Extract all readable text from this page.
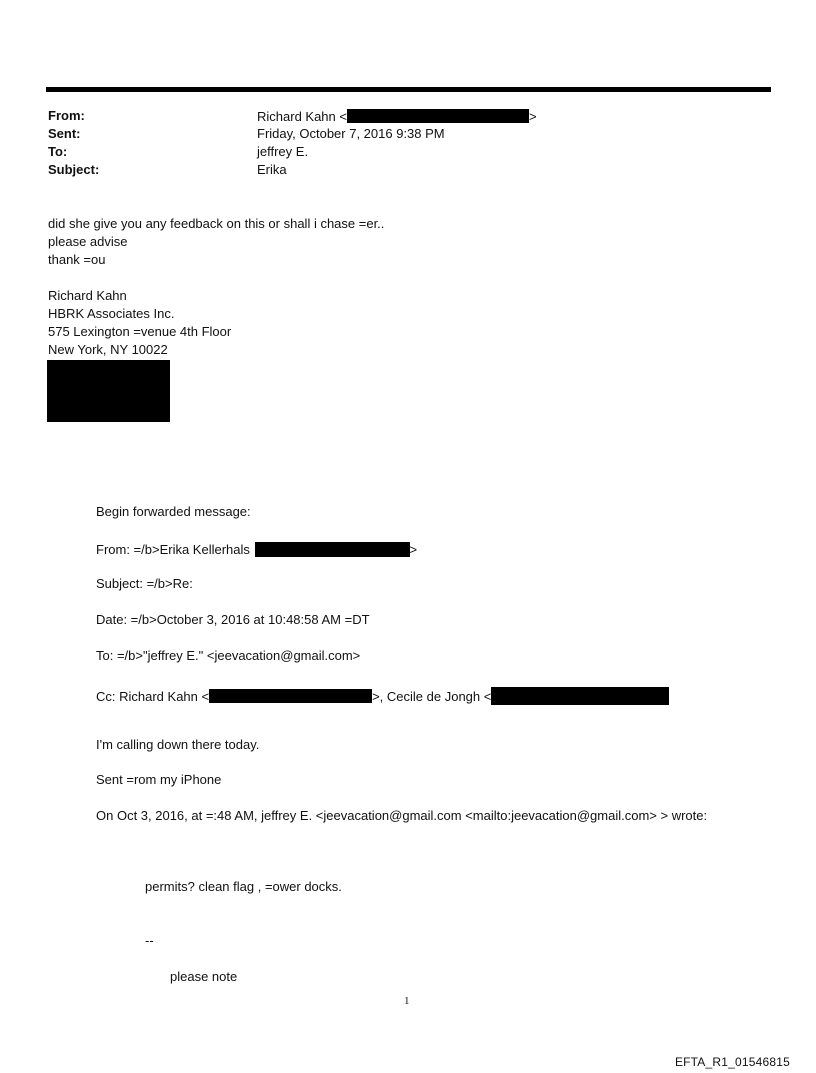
From:	Richard Kahn <	>
Sent:	Friday, October 7, 2016 9:38 PM
To:	jeffrey E.
Subject:	Erika
did she give you any feedback on this or shall i chase =er..
please advise
thank =ou
Richard Kahn
HBRK Associates Inc.
575 Lexington =venue 4th Floor
New York, NY 10022
Begin forwarded message:
From: =/b>Erika Kellerhals	>
Subject: =/b>Re:
Date: =/b>October 3, 2016 at 10:48:58 AM =DT
To: =/b>"jeffrey E." <jeevacation@gmail.com>
Cc: Richard Kahn <	>, Cecile de Jongh <
I'm calling down there today.
Sent =rom my iPhone
On Oct 3, 2016, at =:48 AM, jeffrey E. <jeevacation@gmail.com <mailto:jeevacation@gmail.com> > wrote:
permits? clean flag , =ower docks.
--
please note
1
EFTA_R1_01546815
